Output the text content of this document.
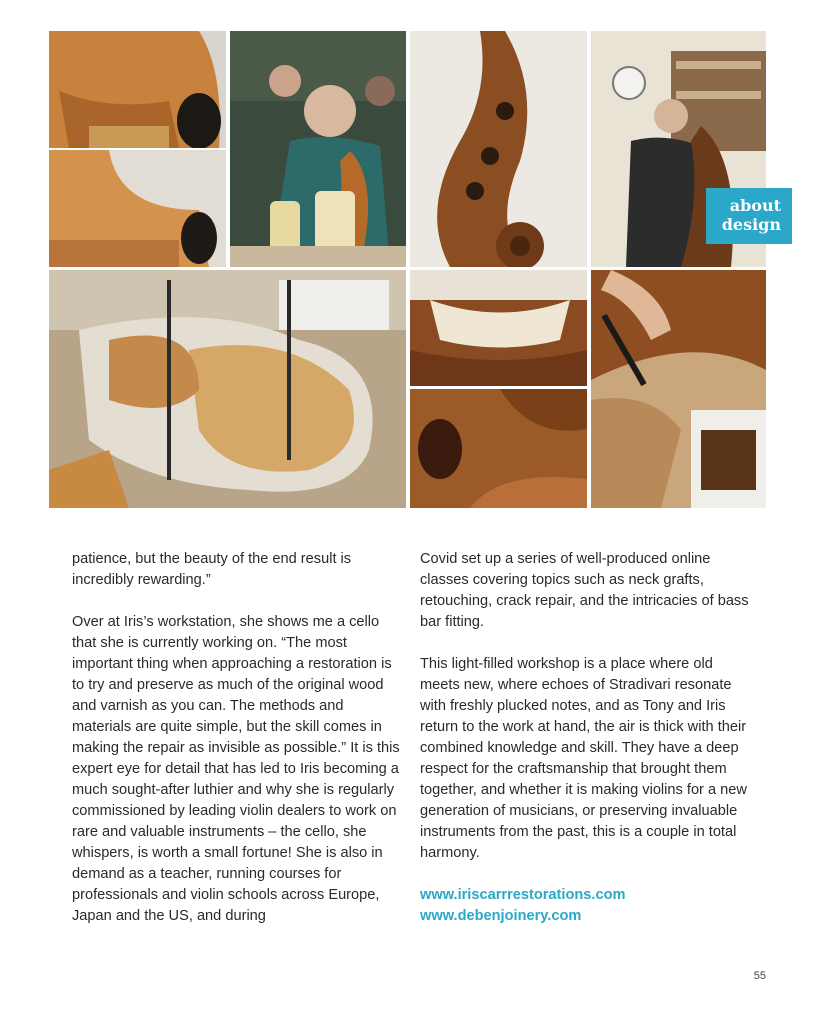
about
design

patience, but the beauty of the end result is incredibly rewarding.”

Over at Iris’s workstation, she shows me a cello that she is currently working on. “The most important thing when approaching a restoration is to try and preserve as much of the original wood and varnish as you can. The methods and materials are quite simple, but the skill comes in making the repair as invisible as possible.” It is this expert eye for detail that has led to Iris becoming a much sought-after luthier and why she is regularly commissioned by leading violin dealers to work on rare and valuable instruments – the cello, she whispers, is worth a small fortune! She is also in demand as a teacher, running courses for professionals and violin schools across Europe, Japan and the US, and during

Covid set up a series of well-produced online classes covering topics such as neck grafts, retouching, crack repair, and the intricacies of bass bar fitting.

This light-filled workshop is a place where old meets new, where echoes of Stradivari resonate with freshly plucked notes, and as Tony and Iris return to the work at hand, the air is thick with their combined knowledge and skill. They have a deep respect for the craftsmanship that brought them together, and whether it is making violins for a new generation of musicians, or preserving invaluable instruments from the past, this is a couple in total harmony.

www.iriscarrrestorations.com
www.debenjoinery.com
55
